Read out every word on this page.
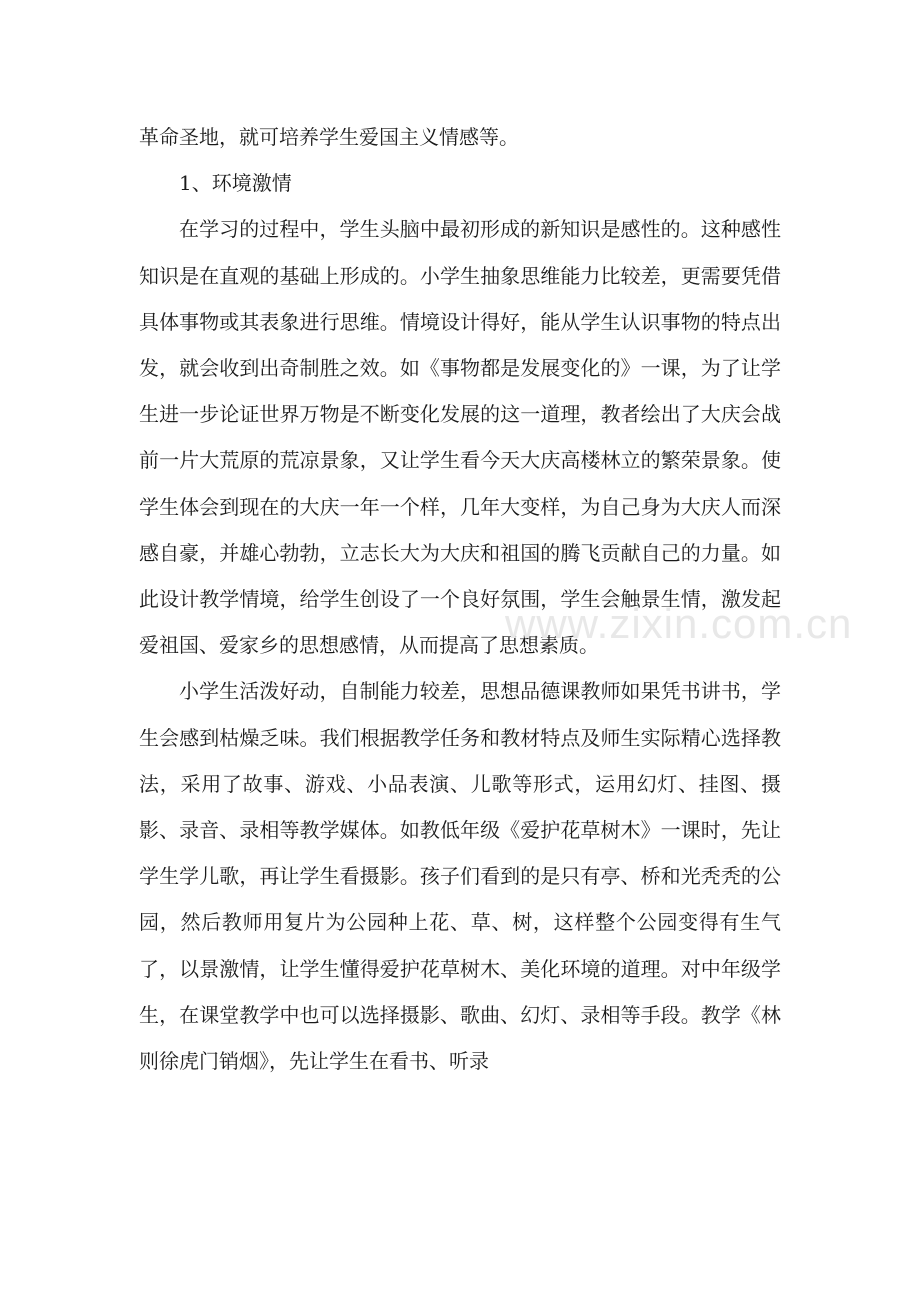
革命圣地，就可培养学生爱国主义情感等。

1、环境激情

在学习的过程中，学生头脑中最初形成的新知识是感性的。这种感性知识是在直观的基础上形成的。小学生抽象思维能力比较差，更需要凭借具体事物或其表象进行思维。情境设计得好，能从学生认识事物的特点出发，就会收到出奇制胜之效。如《事物都是发展变化的》一课，为了让学生进一步论证世界万物是不断变化发展的这一道理，教者绘出了大庆会战前一片大荒原的荒凉景象，又让学生看今天大庆高楼林立的繁荣景象。使学生体会到现在的大庆一年一个样，几年大变样，为自己身为大庆人而深感自豪，并雄心勃勃，立志长大为大庆和祖国的腾飞贡献自己的力量。如此设计教学情境，给学生创设了一个良好氛围，学生会触景生情，激发起爱祖国、爱家乡的思想感情，从而提高了思想素质。

小学生活泼好动，自制能力较差，思想品德课教师如果凭书讲书，学生会感到枯燥乏味。我们根据教学任务和教材特点及师生实际精心选择教法，采用了故事、游戏、小品表演、儿歌等形式，运用幻灯、挂图、摄影、录音、录相等教学媒体。如教低年级《爱护花草树木》一课时，先让学生学儿歌，再让学生看摄影。孩子们看到的是只有亭、桥和光秃秃的公园，然后教师用复片为公园种上花、草、树，这样整个公园变得有生气了，以景激情，让学生懂得爱护花草树木、美化环境的道理。对中年级学生，在课堂教学中也可以选择摄影、歌曲、幻灯、录相等手段。教学《林则徐虎门销烟》，先让学生在看书、听录

www.zixin.com.cn
